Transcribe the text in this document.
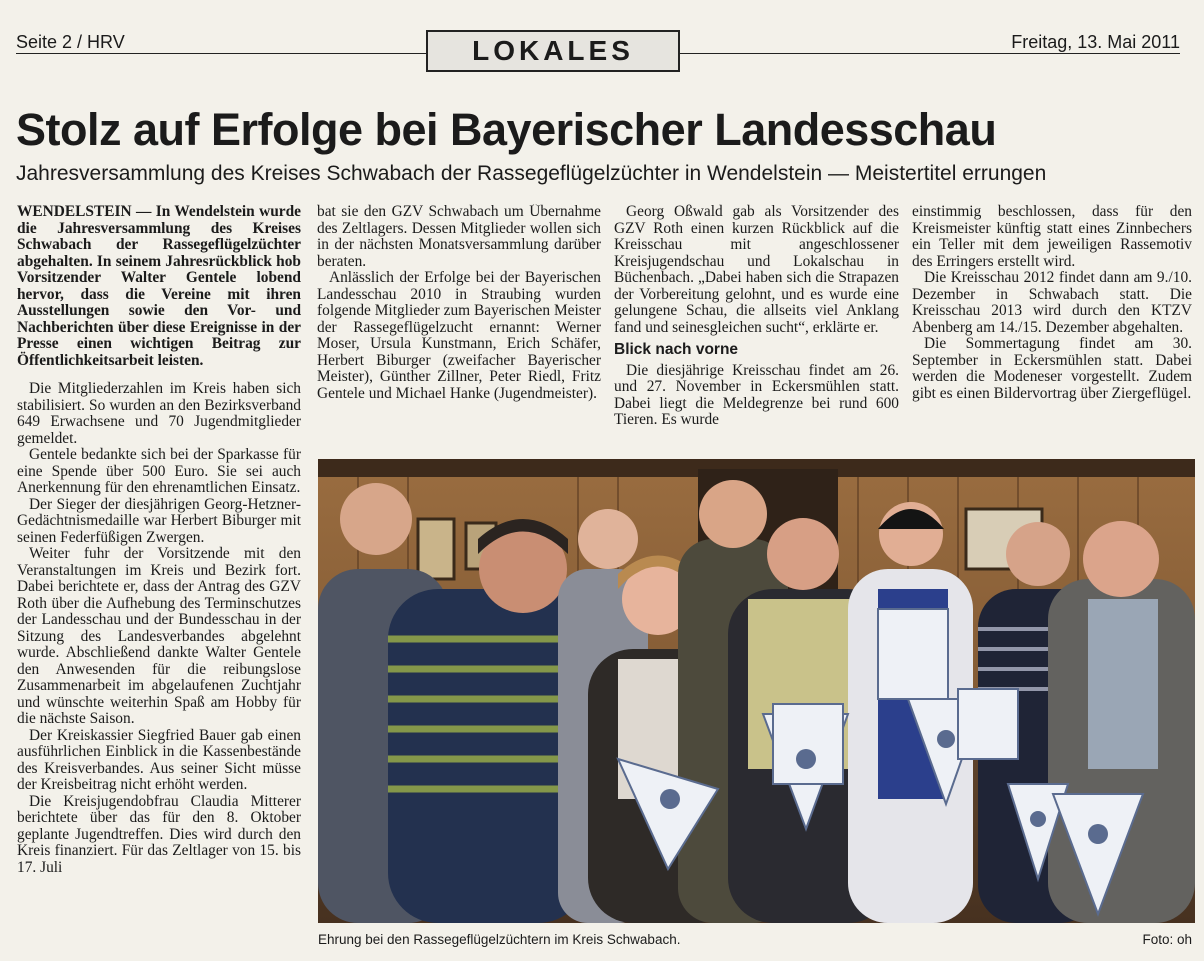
Seite 2 / HRV	LOKALES	Freitag, 13. Mai 2011
Stolz auf Erfolge bei Bayerischer Landesschau
Jahresversammlung des Kreises Schwabach der Rassegeflügelzüchter in Wendelstein — Meistertitel errungen

WENDELSTEIN — In Wendelstein wurde die Jahresversammlung des Kreises Schwabach der Rassegeflügelzüchter abgehalten. In seinem Jahresrückblick hob Vorsitzender Walter Gentele lobend hervor, dass die Vereine mit ihren Ausstellungen sowie den Vor- und Nachberichten über diese Ereignisse in der Presse einen wichtigen Beitrag zur Öffentlichkeitsarbeit leisten.

Die Mitgliederzahlen im Kreis haben sich stabilisiert. So wurden an den Bezirksverband 649 Erwachsene und 70 Jugendmitglieder gemeldet.

Gentele bedankte sich bei der Sparkasse für eine Spende über 500 Euro. Sie sei auch Anerkennung für den ehrenamtlichen Einsatz.

Der Sieger der diesjährigen Georg-Hetzner-Gedächtnismedaille war Herbert Biburger mit seinen Federfüßigen Zwergen.

Weiter fuhr der Vorsitzende mit den Veranstaltungen im Kreis und Bezirk fort. Dabei berichtete er, dass der Antrag des GZV Roth über die Aufhebung des Terminschutzes der Landesschau und der Bundesschau in der Sitzung des Landesverbandes abgelehnt wurde. Abschließend dankte Walter Gentele den Anwesenden für die reibungslose Zusammenarbeit im abgelaufenen Zuchtjahr und wünschte weiterhin Spaß am Hobby für die nächste Saison.

Der Kreiskassier Siegfried Bauer gab einen ausführlichen Einblick in die Kassenbestände des Kreisverbandes. Aus seiner Sicht müsse der Kreisbeitrag nicht erhöht werden.

Die Kreisjugendobfrau Claudia Mitterer berichtete über das für den 8. Oktober geplante Jugendtreffen. Dies wird durch den Kreis finanziert. Für das Zeltlager von 15. bis 17. Juli

bat sie den GZV Schwabach um Übernahme des Zeltlagers. Dessen Mitglieder wollen sich in der nächsten Monatsversammlung darüber beraten.

Anlässlich der Erfolge bei der Bayerischen Landesschau 2010 in Straubing wurden folgende Mitglieder zum Bayerischen Meister der Rassegeflügelzucht ernannt: Werner Moser, Ursula Kunstmann, Erich Schäfer, Herbert Biburger (zweifacher Bayerischer Meister), Günther Zillner, Peter Riedl, Fritz Gentele und Michael Hanke (Jugendmeister).

Georg Oßwald gab als Vorsitzender des GZV Roth einen kurzen Rückblick auf die Kreisschau mit angeschlossener Kreisjugendschau und Lokalschau in Büchenbach. „Dabei haben sich die Strapazen der Vorbereitung gelohnt, und es wurde eine gelungene Schau, die allseits viel Anklang fand und seinesgleichen sucht“, erklärte er.

Blick nach vorne

Die diesjährige Kreisschau findet am 26. und 27. November in Eckersmühlen statt. Dabei liegt die Meldegrenze bei rund 600 Tieren. Es wurde

einstimmig beschlossen, dass für den Kreismeister künftig statt eines Zinnbechers ein Teller mit dem jeweiligen Rassemotiv des Erringers erstellt wird.

Die Kreisschau 2012 findet dann am 9./10. Dezember in Schwabach statt. Die Kreisschau 2013 wird durch den KTZV Abenberg am 14./15. Dezember abgehalten.

Die Sommertagung findet am 30. September in Eckersmühlen statt. Dabei werden die Modeneser vorgestellt. Zudem gibt es einen Bildervortrag über Ziergeflügel.

Ehrung bei den Rassegeflügelzüchtern im Kreis Schwabach.	Foto: oh
